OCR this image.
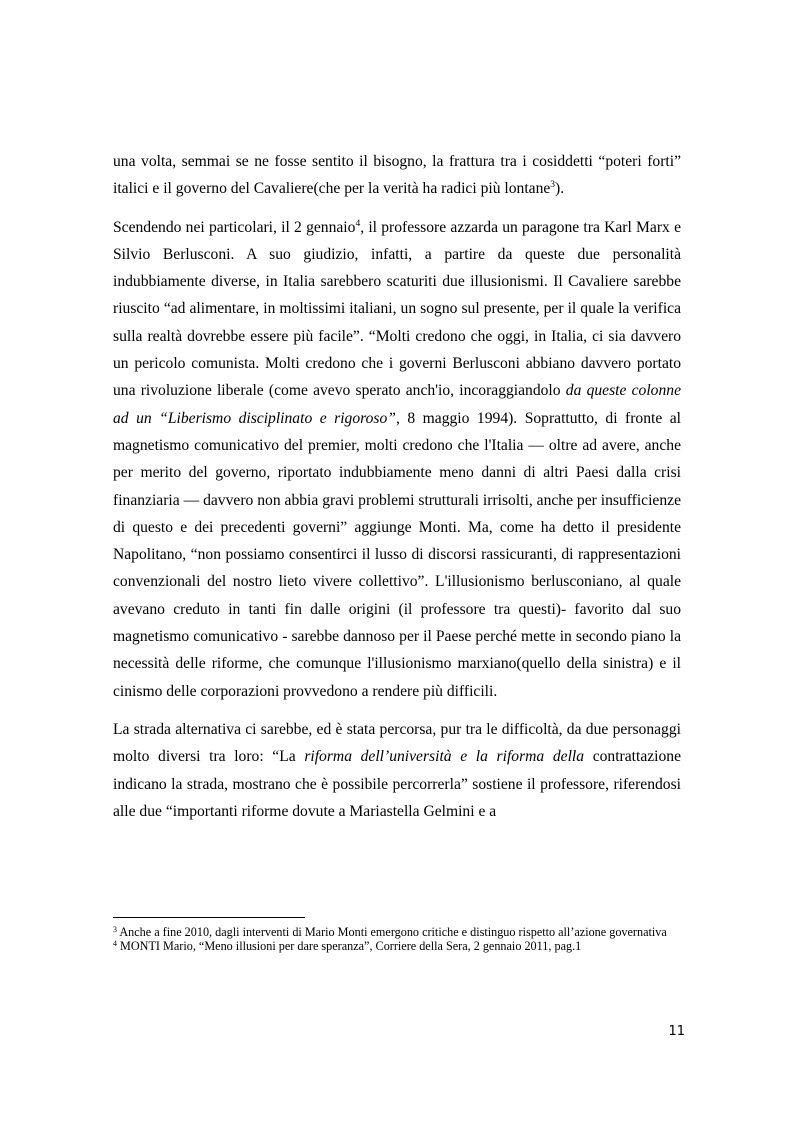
una volta, semmai se ne fosse sentito il bisogno, la frattura tra i cosiddetti “poteri forti” italici e il governo del Cavaliere(che per la verità ha radici più lontane$^3$).

Scendendo nei particolari, il 2 gennaio$^4$, il professore azzarda un paragone tra Karl Marx e Silvio Berlusconi. A suo giudizio, infatti, a partire da queste due personalità indubbiamente diverse, in Italia sarebbero scaturiti due illusionismi. Il Cavaliere sarebbe riuscito “ad alimentare, in moltissimi italiani, un sogno sul presente, per il quale la verifica sulla realtà dovrebbe essere più facile”. “Molti credono che oggi, in Italia, ci sia davvero un pericolo comunista. Molti credono che i governi Berlusconi abbiano davvero portato una rivoluzione liberale (come avevo sperato anch'io, incoraggiandolo da queste colonne ad un “Liberismo disciplinato e rigoroso”, 8 maggio 1994). Soprattutto, di fronte al magnetismo comunicativo del premier, molti credono che l'Italia — oltre ad avere, anche per merito del governo, riportato indubbiamente meno danni di altri Paesi dalla crisi finanziaria — davvero non abbia gravi problemi strutturali irrisolti, anche per insufficienze di questo e dei precedenti governi” aggiunge Monti. Ma, come ha detto il presidente Napolitano, “non possiamo consentirci il lusso di discorsi rassicuranti, di rappresentazioni convenzionali del nostro lieto vivere collettivo”. L'illusionismo berlusconiano, al quale avevano creduto in tanti fin dalle origini (il professore tra questi)- favorito dal suo magnetismo comunicativo - sarebbe dannoso per il Paese perché mette in secondo piano la necessità delle riforme, che comunque l'illusionismo marxiano(quello della sinistra) e il cinismo delle corporazioni provvedono a rendere più difficili.

La strada alternativa ci sarebbe, ed è stata percorsa, pur tra le difficoltà, da due personaggi molto diversi tra loro: “La riforma dell’università e la riforma della contrattazione indicano la strada, mostrano che è possibile percorrerla” sostiene il professore, riferendosi alle due “importanti riforme dovute a Mariastella Gelmini e a

$^3$ Anche a fine 2010, dagli interventi di Mario Monti emergono critiche e distinguo rispetto all’azione governativa

$^4$ MONTI Mario, “Meno illusioni per dare speranza”, Corriere della Sera, 2 gennaio 2011, pag.1

11
